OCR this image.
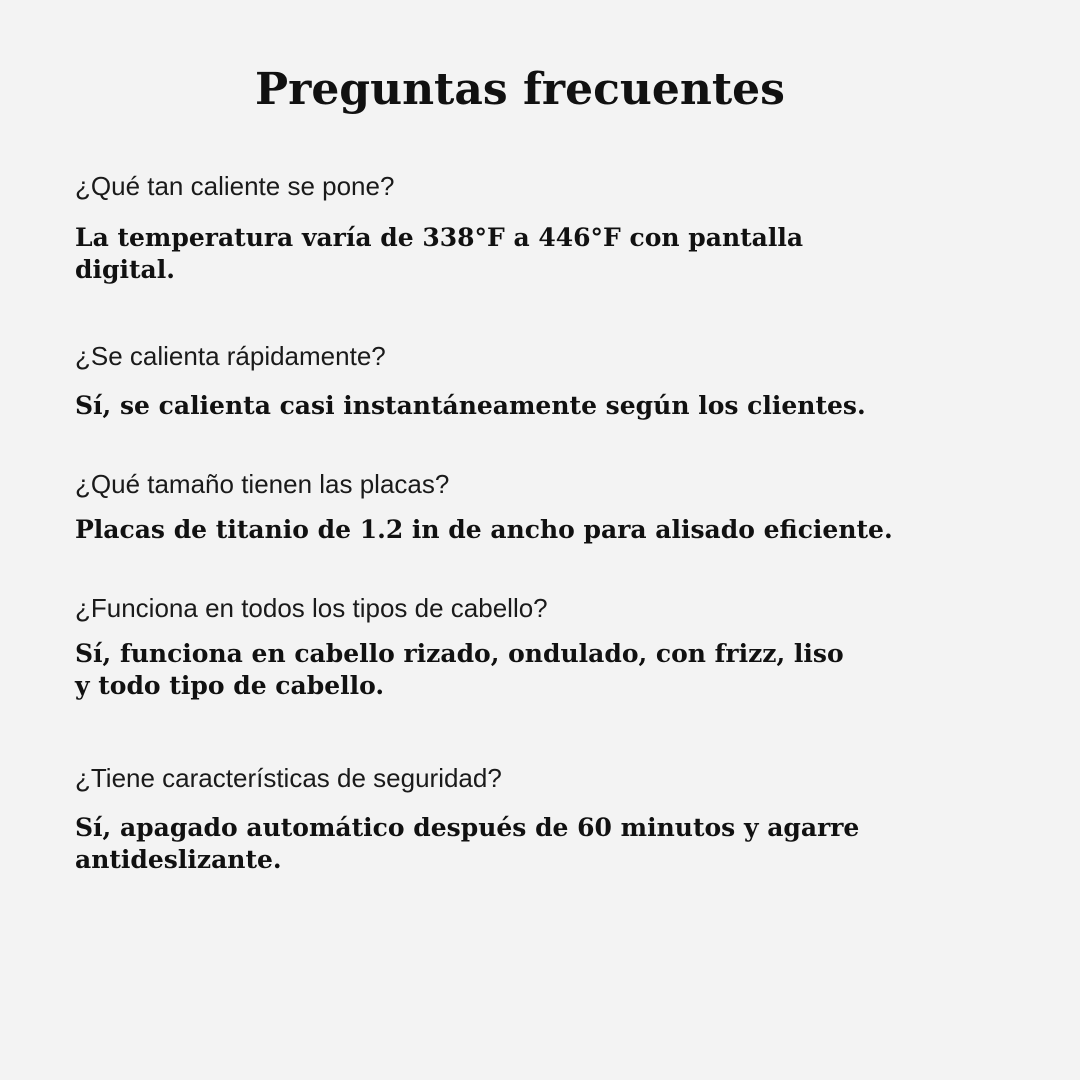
Preguntas frecuentes

¿Qué tan caliente se pone?

La temperatura varía de 338°F a 446°F con pantalla
digital.

¿Se calienta rápidamente?

Sí, se calienta casi instantáneamente según los clientes.

¿Qué tamaño tienen las placas?

Placas de titanio de 1.2 in de ancho para alisado eficiente.

¿Funciona en todos los tipos de cabello?

Sí, funciona en cabello rizado, ondulado, con frizz, liso
y todo tipo de cabello.

¿Tiene características de seguridad?

Sí, apagado automático después de 60 minutos y agarre
antideslizante.
